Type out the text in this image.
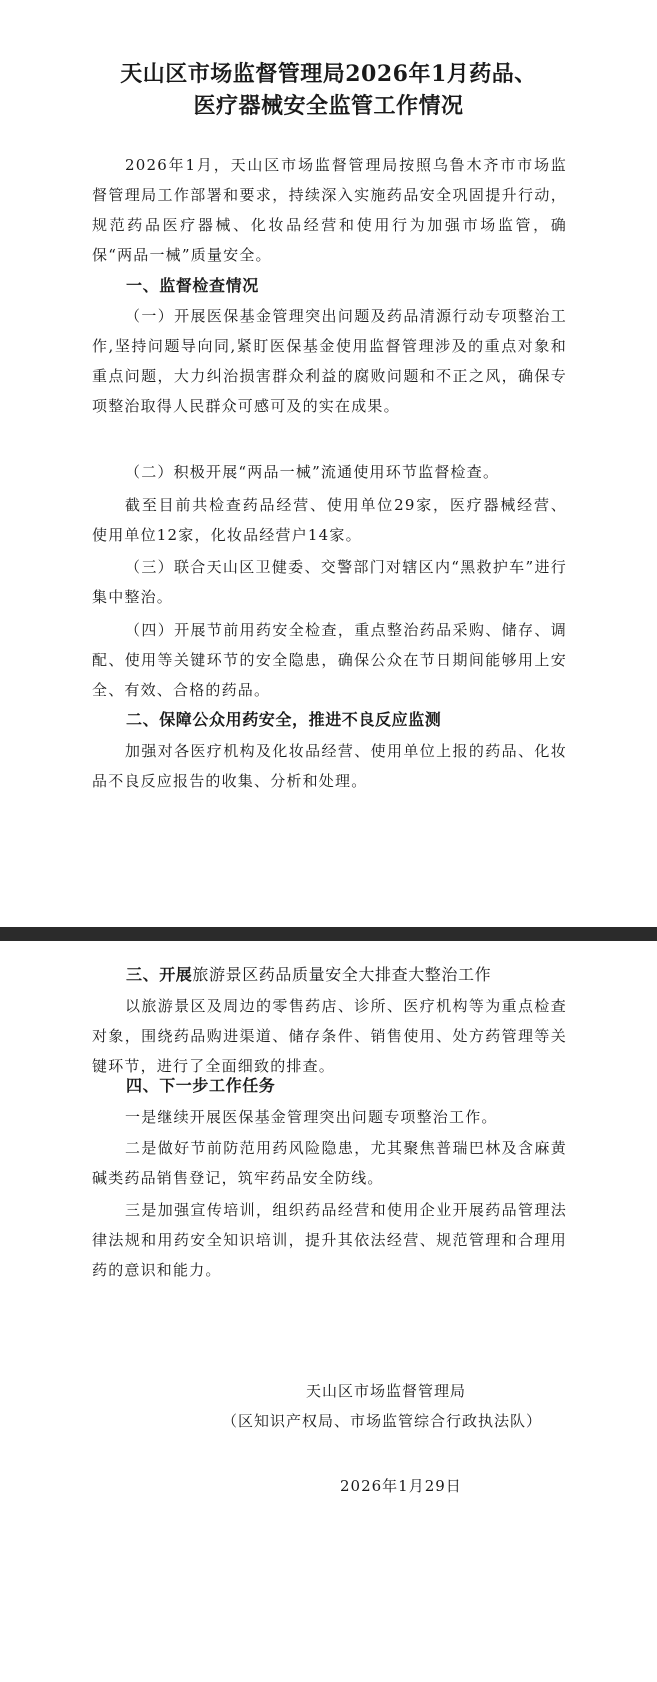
天山区市场监督管理局2026年1月药品、
医疗器械安全监管工作情况

2026年1月，天山区市场监督管理局按照乌鲁木齐市市场监督管理局工作部署和要求，持续深入实施药品安全巩固提升行动，规范药品医疗器械、化妆品经营和使用行为加强市场监管，确保“两品一械”质量安全。

一、监督检查情况

（一）开展医保基金管理突出问题及药品清源行动专项整治工作,坚持问题导向同,紧盯医保基金使用监督管理涉及的重点对象和重点问题，大力纠治损害群众利益的腐败问题和不正之风，确保专项整治取得人民群众可感可及的实在成果。

（二）积极开展“两品一械”流通使用环节监督检查。

截至目前共检查药品经营、使用单位29家，医疗器械经营、使用单位12家，化妆品经营户14家。

（三）联合天山区卫健委、交警部门对辖区内“黑救护车”进行集中整治。

（四）开展节前用药安全检查，重点整治药品采购、储存、调配、使用等关键环节的安全隐患，确保公众在节日期间能够用上安全、有效、合格的药品。

二、保障公众用药安全，推进不良反应监测

加强对各医疗机构及化妆品经营、使用单位上报的药品、化妆品不良反应报告的收集、分析和处理。

三、开展旅游景区药品质量安全大排查大整治工作

以旅游景区及周边的零售药店、诊所、医疗机构等为重点检查对象，围绕药品购进渠道、储存条件、销售使用、处方药管理等关键环节，进行了全面细致的排查。

四、下一步工作任务

一是继续开展医保基金管理突出问题专项整治工作。

二是做好节前防范用药风险隐患，尤其聚焦普瑞巴林及含麻黄碱类药品销售登记，筑牢药品安全防线。

三是加强宣传培训，组织药品经营和使用企业开展药品管理法律法规和用药安全知识培训，提升其依法经营、规范管理和合理用药的意识和能力。

天山区市场监督管理局

（区知识产权局、市场监管综合行政执法队）

2026年1月29日
